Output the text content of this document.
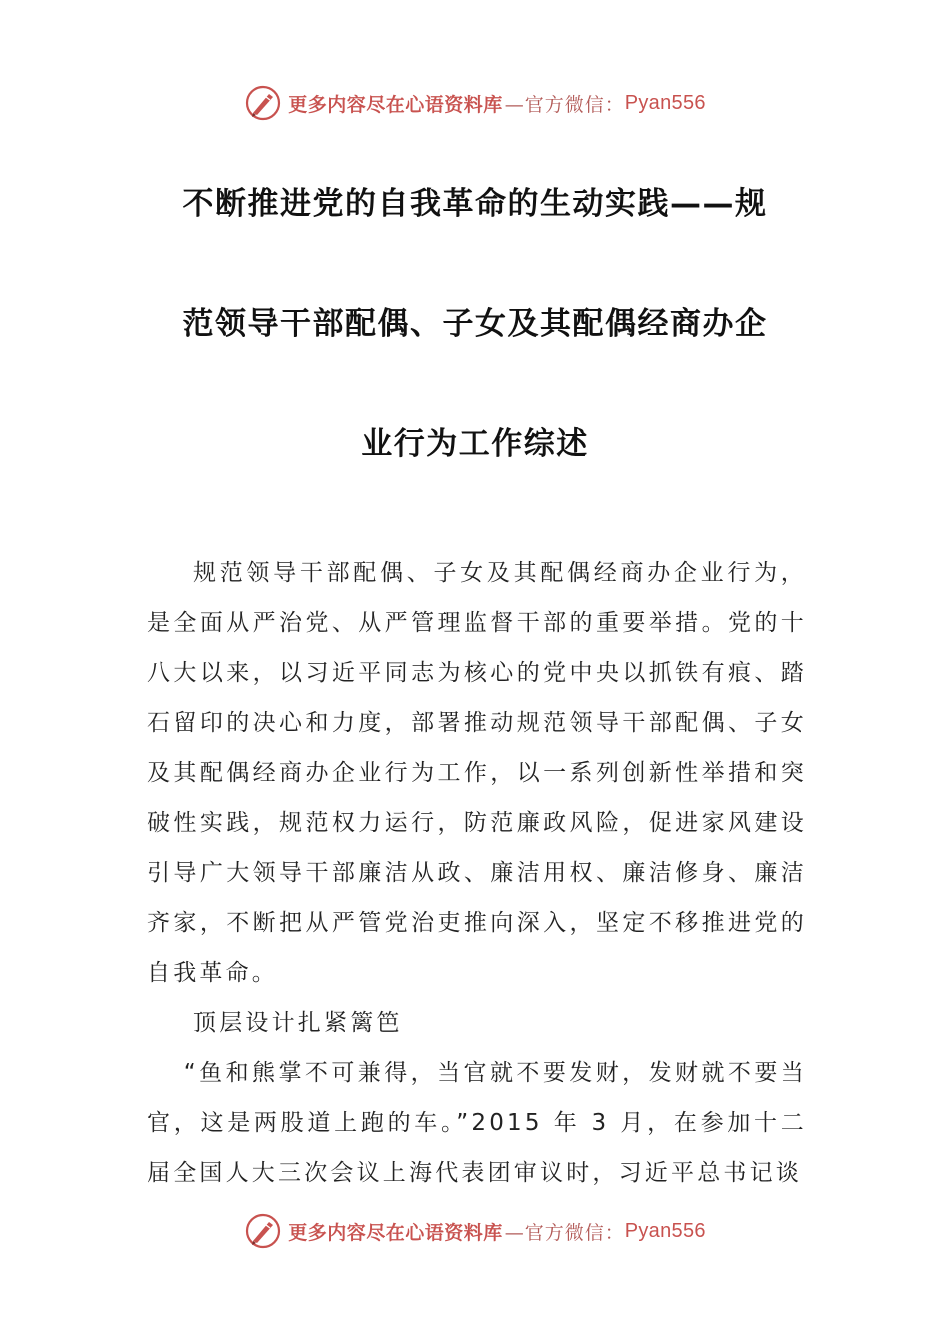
更多内容尽在心语资料库 —官方微信： Pyan556
不断推进党的自我革命的生动实践——规
范领导干部配偶、子女及其配偶经商办企
业行为工作综述

规范领导干部配偶、子女及其配偶经商办企业行为，是全面从严治党、从严管理监督干部的重要举措。党的十八大以来，以习近平同志为核心的党中央以抓铁有痕、踏石留印的决心和力度，部署推动规范领导干部配偶、子女及其配偶经商办企业行为工作，以一系列创新性举措和突破性实践，规范权力运行，防范廉政风险，促进家风建设引导广大领导干部廉洁从政、廉洁用权、廉洁修身、廉洁齐家，不断把从严管党治吏推向深入，坚定不移推进党的自我革命。

顶层设计扎紧篱笆

“鱼和熊掌不可兼得，当官就不要发财，发财就不要当官，这是两股道上跑的车。”2015 年 3 月，在参加十二届全国人大三次会议上海代表团审议时，习近平总书记谈

更多内容尽在心语资料库 —官方微信： Pyan556
